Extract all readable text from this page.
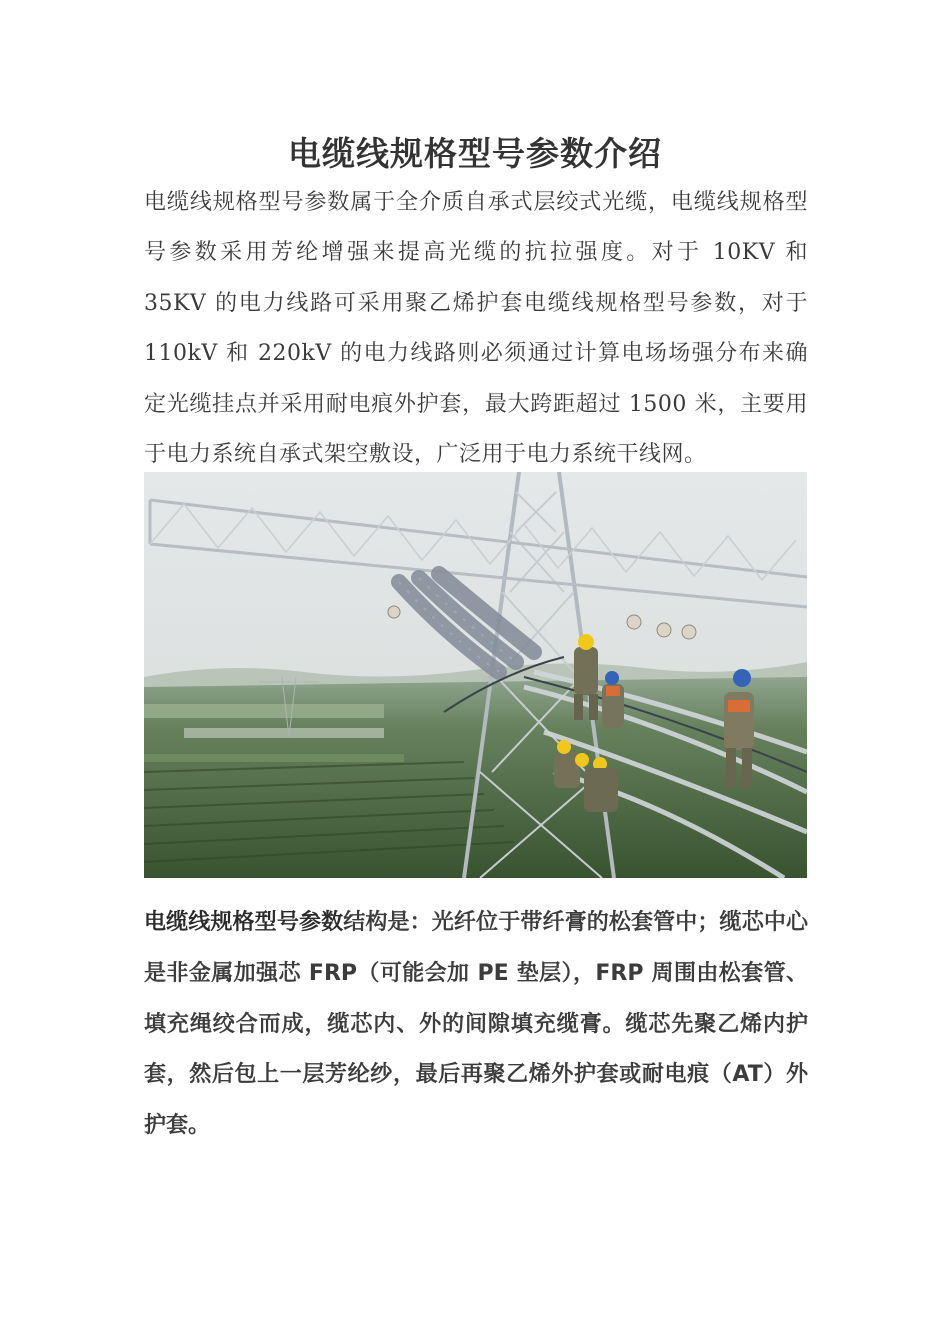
电缆线规格型号参数介绍

电缆线规格型号参数属于全介质自承式层绞式光缆，电缆线规格型号参数采用芳纶增强来提高光缆的抗拉强度。对于 10KV 和 35KV 的电力线路可采用聚乙烯护套电缆线规格型号参数，对于 110kV 和 220kV 的电力线路则必须通过计算电场场强分布来确定光缆挂点并采用耐电痕外护套，最大跨距超过 1500 米，主要用于电力系统自承式架空敷设，广泛用于电力系统干线网。

电缆线规格型号参数结构是：光纤位于带纤膏的松套管中；缆芯中心是非金属加强芯 FRP（可能会加 PE 垫层），FRP 周围由松套管、填充绳绞合而成，缆芯内、外的间隙填充缆膏。缆芯先聚乙烯内护套，然后包上一层芳纶纱，最后再聚乙烯外护套或耐电痕（AT）外护套。
